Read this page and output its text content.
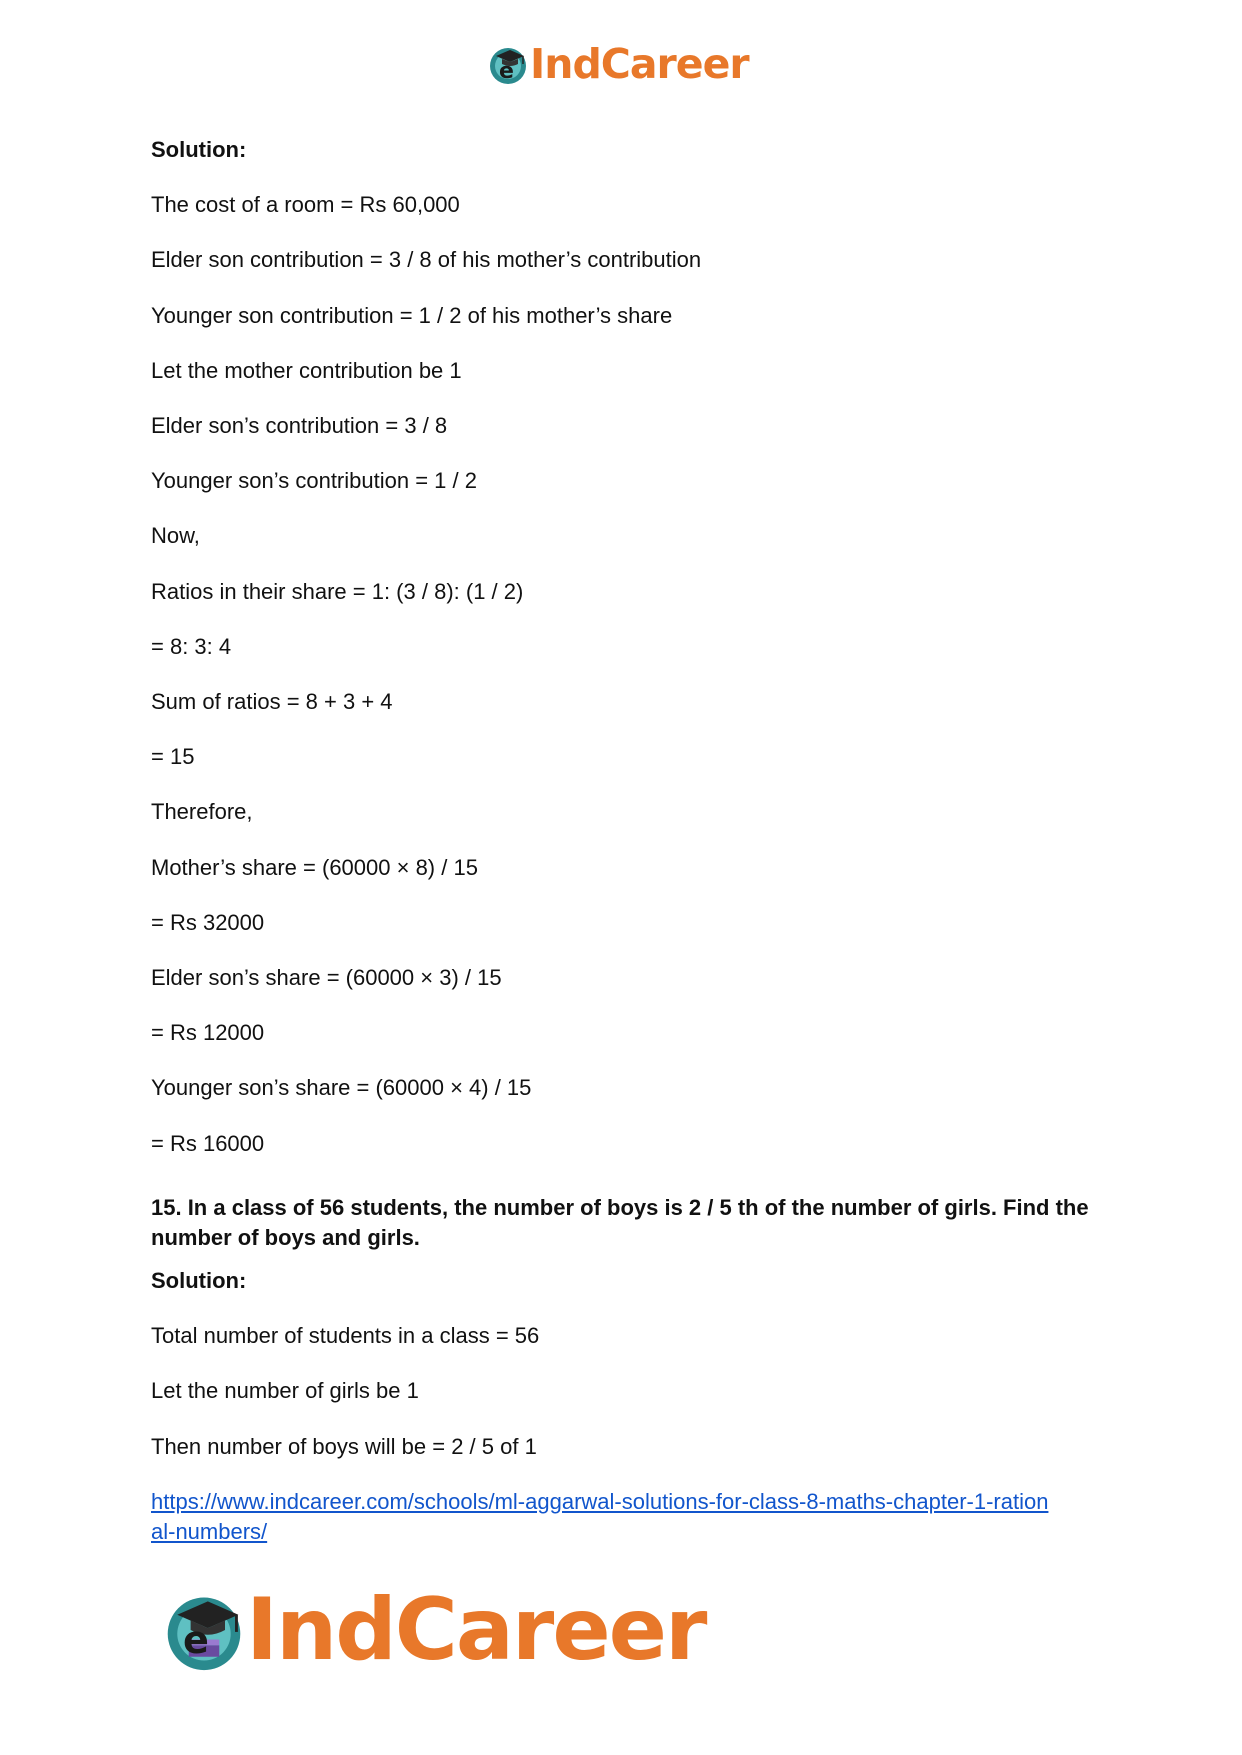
e IndCareer

Solution:

The cost of a room = Rs 60,000

Elder son contribution = 3 / 8 of his mother’s contribution

Younger son contribution = 1 / 2 of his mother’s share

Let the mother contribution be 1

Elder son’s contribution = 3 / 8

Younger son’s contribution = 1 / 2

Now,

Ratios in their share = 1: (3 / 8): (1 / 2)

= 8: 3: 4

Sum of ratios = 8 + 3 + 4

= 15

Therefore,

Mother’s share = (60000 × 8) / 15

= Rs 32000

Elder son’s share = (60000 × 3) / 15

= Rs 12000

Younger son’s share = (60000 × 4) / 15

= Rs 16000

15. In a class of 56 students, the number of boys is 2 / 5 th of the number of girls. Find the number of boys and girls.

Solution:

Total number of students in a class = 56

Let the number of girls be 1

Then number of boys will be = 2 / 5 of 1

https://www.indcareer.com/schools/ml-aggarwal-solutions-for-class-8-maths-chapter-1-ration
al-numbers/
e IndCareer
